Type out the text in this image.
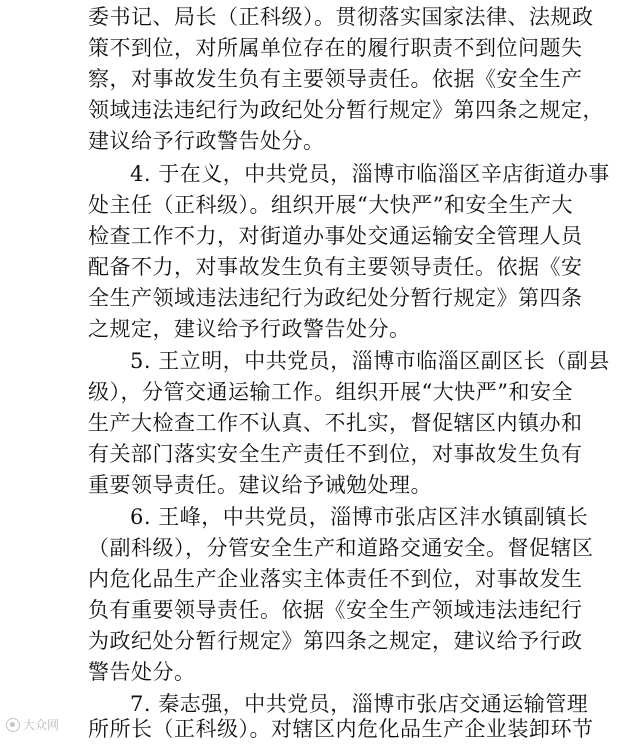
委书记、局长（正科级）。贯彻落实国家法律、法规政
策不到位，对所属单位存在的履行职责不到位问题失
察，对事故发生负有主要领导责任。依据《安全生产
领域违法违纪行为政纪处分暂行规定》第四条之规定，
建议给予行政警告处分。
4. 于在义，中共党员，淄博市临淄区辛店街道办事
处主任（正科级）。组织开展“大快严”和安全生产大
检查工作不力，对街道办事处交通运输安全管理人员
配备不力，对事故发生负有主要领导责任。依据《安
全生产领域违法违纪行为政纪处分暂行规定》第四条
之规定，建议给予行政警告处分。
5. 王立明，中共党员，淄博市临淄区副区长（副县
级），分管交通运输工作。组织开展“大快严”和安全
生产大检查工作不认真、不扎实，督促辖区内镇办和
有关部门落实安全生产责任不到位，对事故发生负有
重要领导责任。建议给予诫勉处理。
6. 王峰，中共党员，淄博市张店区沣水镇副镇长
（副科级），分管安全生产和道路交通安全。督促辖区
内危化品生产企业落实主体责任不到位，对事故发生
负有重要领导责任。依据《安全生产领域违法违纪行
为政纪处分暂行规定》第四条之规定，建议给予行政
警告处分。
7. 秦志强，中共党员，淄博市张店交通运输管理
所所长（正科级）。对辖区内危化品生产企业装卸环节
大众网
